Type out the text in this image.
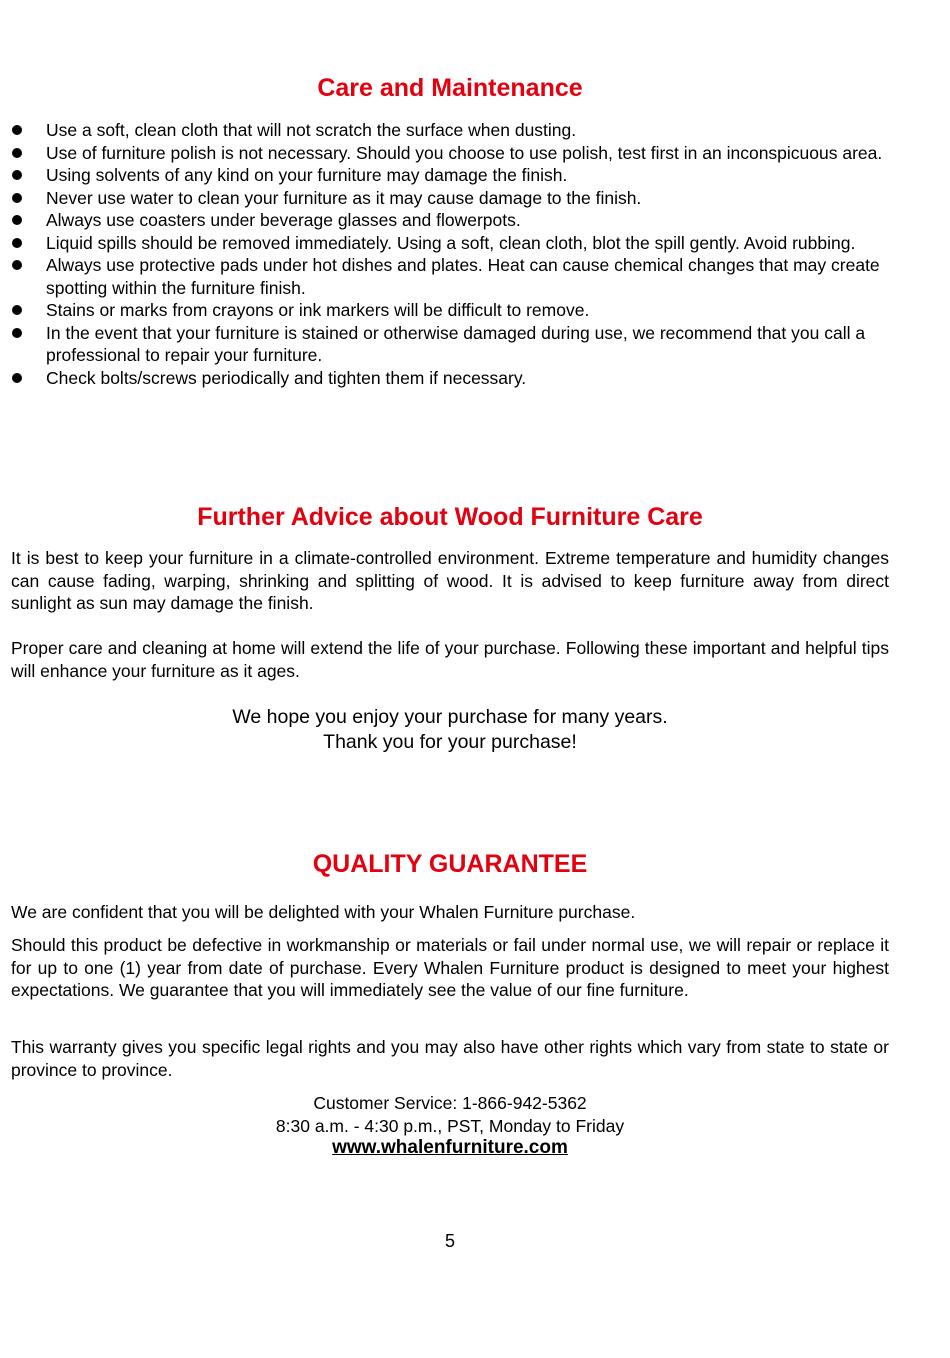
Care and Maintenance
Use a soft, clean cloth that will not scratch the surface when dusting.
Use of furniture polish is not necessary. Should you choose to use polish, test first in an inconspicuous area.
Using solvents of any kind on your furniture may damage the finish.
Never use water to clean your furniture as it may cause damage to the finish.
Always use coasters under beverage glasses and flowerpots.
Liquid spills should be removed immediately. Using a soft, clean cloth, blot the spill gently. Avoid rubbing.
Always use protective pads under hot dishes and plates. Heat can cause chemical changes that may create spotting within the furniture finish.
Stains or marks from crayons or ink markers will be difficult to remove.
In the event that your furniture is stained or otherwise damaged during use, we recommend that you call a professional to repair your furniture.
Check bolts/screws periodically and tighten them if necessary.
Further Advice about Wood Furniture Care

It is best to keep your furniture in a climate-controlled environment. Extreme temperature and humidity changes can cause fading, warping, shrinking and splitting of wood. It is advised to keep furniture away from direct sunlight as sun may damage the finish.

Proper care and cleaning at home will extend the life of your purchase. Following these important and helpful tips will enhance your furniture as it ages.

We hope you enjoy your purchase for many years.

Thank you for your purchase!

QUALITY GUARANTEE

We are confident that you will be delighted with your Whalen Furniture purchase.

Should this product be defective in workmanship or materials or fail under normal use, we will repair or replace it for up to one (1) year from date of purchase. Every Whalen Furniture product is designed to meet your highest expectations. We guarantee that you will immediately see the value of our fine furniture.

This warranty gives you specific legal rights and you may also have other rights which vary from state to state or province to province.

Customer Service: 1-866-942-5362

8:30 a.m. - 4:30 p.m., PST, Monday to Friday

www.whalenfurniture.com

5
